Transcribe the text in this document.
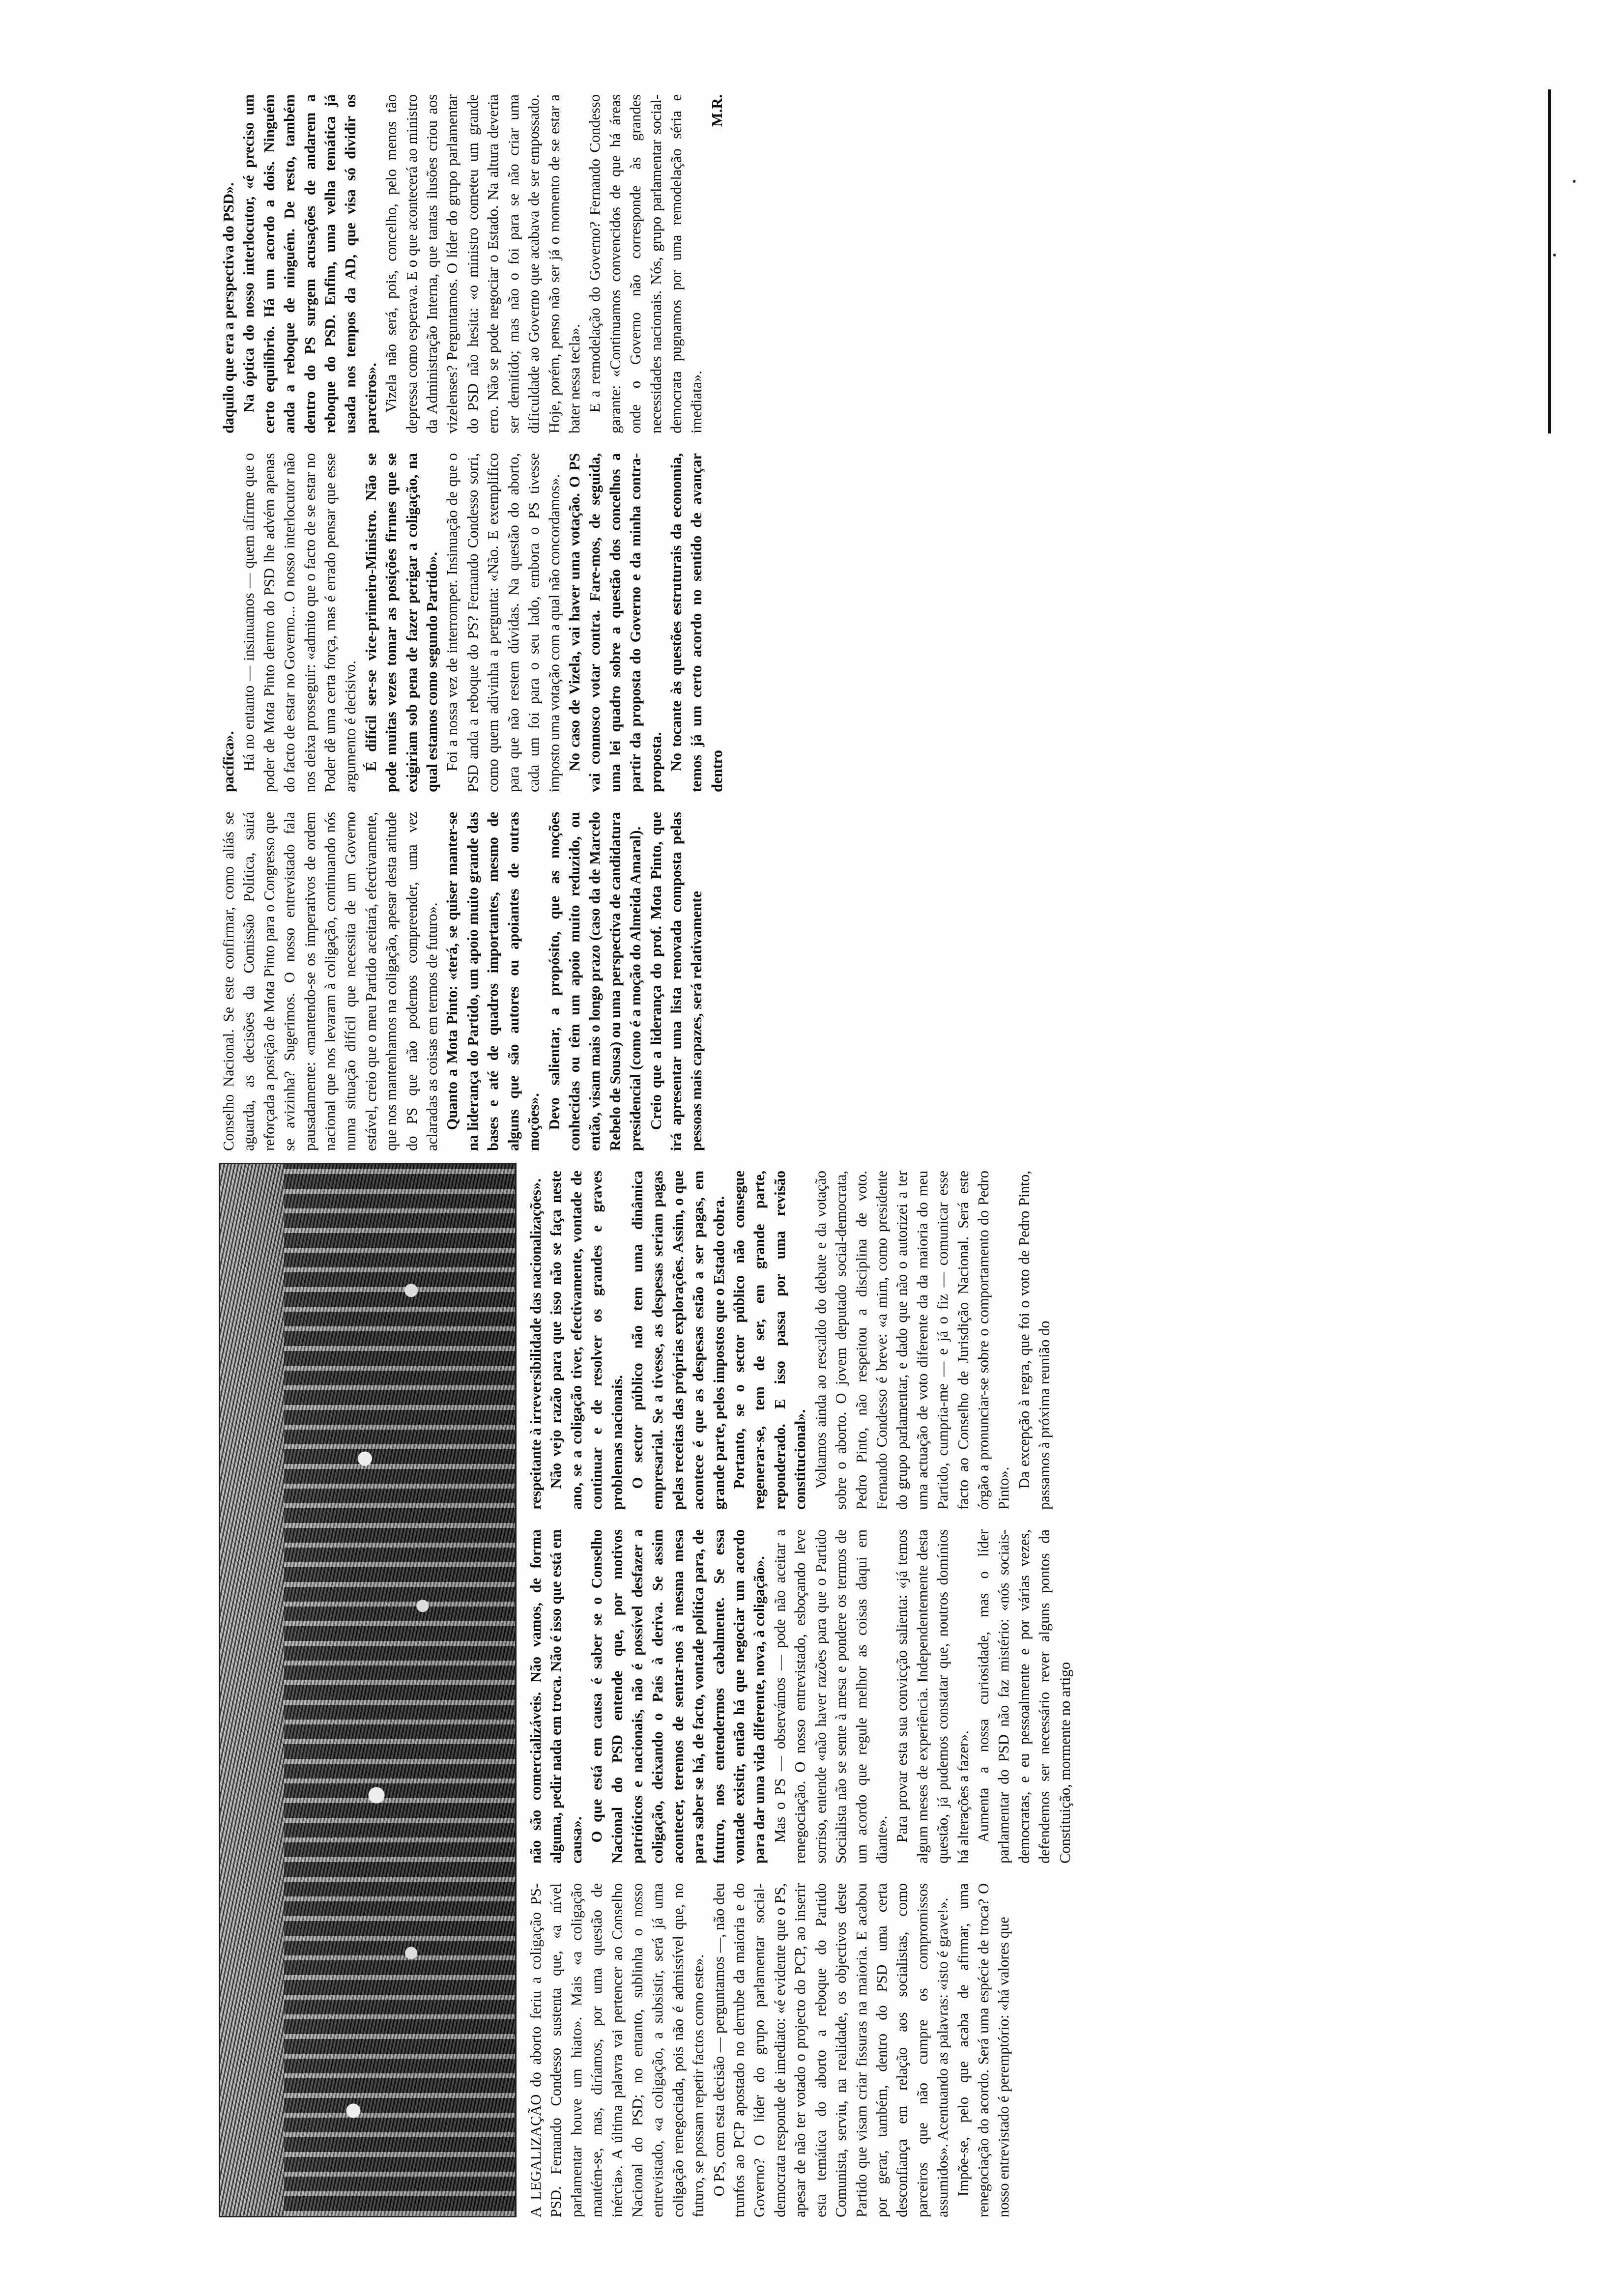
A LEGALIZAÇÃO do aborto feriu a coligação PS-PSD. Fernando Condesso sustenta que, «a nível parlamentar houve um hiato». Mais «a coligação mantém-se, mas, diríamos, por uma questão de inércia». A última palavra vai pertencer ao Conselho Nacional do PSD; no entanto, sublinha o nosso entrevistado, «a coligação, a subsistir, será já uma coligação renegociada, pois não é admissível que, no futuro, se possam repetir factos como este». O PS, com esta decisão — perguntamos —, não deu trunfos ao PCP apostado no derrube da maioria e do Governo? O líder do grupo parlamentar social-democrata responde de imediato: «é evidente que o PS, apesar de não ter votado o projecto do PCP, ao inserir esta temática do aborto a reboque do Partido Comunista, serviu, na realidade, os objectivos deste Partido que visam criar fissuras na maioria. E acabou por gerar, também, dentro do PSD uma certa desconfiança em relação aos socialistas, como parceiros que não cumpre os compromissos assumidos». Acentuando as palavras: «isto é grave!». Impõe-se, pelo que acaba de afirmar, uma renegociação do acordo. Será uma espécie de troca? O nosso entrevistado é peremptório: «há valores que

não são comercializáveis. Não vamos, de forma alguma, pedir nada em troca. Não é isso que está em causa». O que está em causa é saber se o Conselho Nacional do PSD entende que, por motivos patrióticos e nacionais, não é possível desfazer a coligação, deixando o País à deriva. Se assim acontecer, teremos de sentar-nos à mesma mesa para saber se há, de facto, vontade política para, de futuro, nos entendermos cabalmente. Se essa vontade existir, então há que negociar um acordo para dar uma vida diferente, nova, à coligação». Mas o PS — observámos — pode não aceitar a renegociação. O nosso entrevistado, esboçando leve sorriso, entende «não haver razões para que o Partido Socialista não se sente à mesa e pondere os termos de um acordo que regule melhor as coisas daqui em diante». Para provar esta sua convicção salienta: «já temos algum meses de experiência. Independentemente desta questão, já pudemos constatar que, noutros domínios há alterações a fazer». Aumenta a nossa curiosidade, mas o líder parlamentar do PSD não faz mistério: «nós sociais-democratas, e eu pessoalmente e por várias vezes, defendemos ser necessário rever alguns pontos da Constituição, mormente no artigo

respeitante à irreversibilidade das nacionalizações». Não vejo razão para que isso não se faça neste ano, se a coligação tiver, efectivamente, vontade de continuar e de resolver os grandes e graves problemas nacionais. O sector público não tem uma dinâmica empresarial. Se a tivesse, as despesas seriam pagas pelas receitas das próprias explorações. Assim, o que acontece é que as despesas estão a ser pagas, em grande parte, pelos impostos que o Estado cobra. Portanto, se o sector público não consegue regenerar-se, tem de ser, em grande parte, reponderado. E isso passa por uma revisão constitucional». Voltamos ainda ao rescaldo do debate e da votação sobre o aborto. O jovem deputado social-democrata, Pedro Pinto, não respeitou a disciplina de voto. Fernando Condesso é breve: «a mim, como presidente do grupo parlamentar, e dado que não o autorizei a ter uma actuação de voto diferente da da maioria do meu Partido, cumpria-me — e já o fiz — comunicar esse facto ao Conselho de Jurisdição Nacional. Será este órgão a pronunciar-se sobre o comportamento do Pedro Pinto». Da excepção à regra, que foi o voto de Pedro Pinto, passamos à próxima reunião do

Conselho Nacional. Se este confirmar, como aliás se aguarda, as decisões da Comissão Política, sairá reforçada a posição de Mota Pinto para o Congresso que se avizinha? Sugerimos. O nosso entrevistado fala pausadamente: «mantendo-se os imperativos de ordem nacional que nos levaram à coligação, continuando nós numa situação difícil que necessita de um Governo estável, creio que o meu Partido aceitará, efectivamente, que nos mantenhamos na coligação, apesar desta atitude do PS que não podemos compreender, uma vez aclaradas as coisas em termos de futuro». Quanto a Mota Pinto: «terá, se quiser manter-se na liderança do Partido, um apoio muito grande das bases e até de quadros importantes, mesmo de alguns que são autores ou apoiantes de outras moções». Devo salientar, a propósito, que as moções conhecidas ou têm um apoio muito reduzido, ou então, visam mais o longo prazo (caso da de Marcelo Rebelo de Sousa) ou uma perspectiva de candidatura presidencial (como é a moção do Almeida Amaral). Creio que a liderança do prof. Mota Pinto, que irá apresentar uma lista renovada composta pelas pessoas mais capazes, será relativamente

pacífica». Há no entanto — insinuamos — quem afirme que o poder de Mota Pinto dentro do PSD lhe advém apenas do facto de estar no Governo... O nosso interlocutor não nos deixa prosseguir: «admito que o facto de se estar no Poder dê uma certa força, mas é errado pensar que esse argumento é decisivo. É difícil ser-se vice-primeiro-Ministro. Não se pode muitas vezes tomar as posições firmes que se exigiriam sob pena de fazer perigar a coligação, na qual estamos como segundo Partido». Foi a nossa vez de interromper. Insinuação de que o PSD anda a reboque do PS? Fernando Condesso sorri, como quem adivinha a pergunta: «Não. E exemplifico para que não restem dúvidas. Na questão do aborto, cada um foi para o seu lado, embora o PS tivesse imposto uma votação com a qual não concordamos». No caso de Vizela, vai haver uma votação. O PS vai connosco votar contra. Fare-mos, de seguida, uma lei quadro sobre a questão dos concelhos a partir da proposta do Governo e da minha contra-proposta. No tocante às questões estruturais da economia, temos já um certo acordo no sentido de avançar dentro

daquilo que era a perspectiva do PSD». Na óptica do nosso interlocutor, «é preciso um certo equilíbrio. Há um acordo a dois. Ninguém anda a reboque de ninguém. De resto, também dentro do PS surgem acusações de andarem a reboque do PSD. Enfim, uma velha temática já usada nos tempos da AD, que visa só dividir os parceiros». Vizela não será, pois, concelho, pelo menos tão depressa como esperava. E o que acontecerá ao ministro da Administração Interna, que tantas ilusões criou aos vizelenses? Perguntamos. O líder do grupo parlamentar do PSD não hesita: «o ministro cometeu um grande erro. Não se pode negociar o Estado. Na altura deveria ser demitido; mas não o foi para se não criar uma dificuldade ao Governo que acabava de ser empossado. Hoje, porém, penso não ser já o momento de se estar a bater nessa tecla». E a remodelação do Governo? Fernando Condesso garante: «Continuamos convencidos de que há áreas onde o Governo não corresponde às grandes necessidades nacionais. Nós, grupo parlamentar social-democrata pugnamos por uma remodelação séria e imediata».

M.R.
